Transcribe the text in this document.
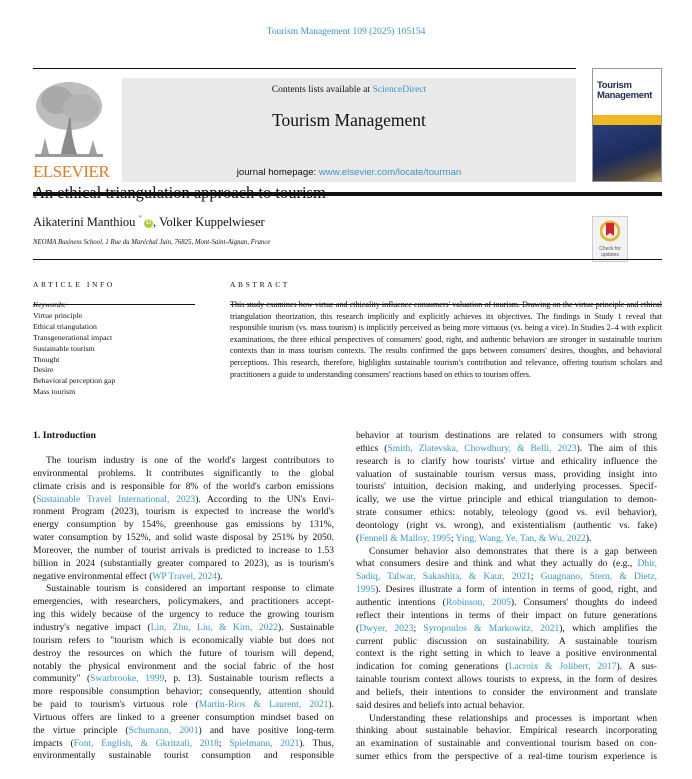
Tourism Management 109 (2025) 105154
ELSEVIER
Contents lists available at ScienceDirect
Tourism Management
journal homepage: www.elsevier.com/locate/tourman
Tourism
Management
An ethical triangulation approach to tourism
Check for
updates
Aikaterini Manthiou *iD , Volker Kuppelwieser
NEOMA Business School, 1 Rue du Maréchal Juin, 76825, Mont-Saint-Aignan, France
ARTICLE INFO	ABSTRACT
Keywords:
Virtue principle
Ethical triangulation
Transgenerational impact
Sustainable tourism
Thought
Desire
Behavioral perception gap
Mass tourism
This study examines how virtue and ethicality influence consumers' valuation of tourism. Drawing on the virtue principle and ethical triangulation theorization, this research implicitly and explicitly achieves its objectives. The findings in Study 1 reveal that responsible tourism (vs. mass tourism) is implicitly perceived as being more virtuous (vs. being a vice). In Studies 2–4 with explicit examinations, the three ethical perspectives of consumers' good, right, and authentic behaviors are stronger in sustainable tourism contexts than in mass tourism contexts. The results confirmed the gaps between consumers' desires, thoughts, and behavioral perceptions. This research, therefore, highlights sustainable tourism's contribution and relevance, offering tourism scholars and practitioners a guide to understanding consumers' reactions based on ethics to tourism offers.
1. Introduction
The tourism industry is one of the world's largest contributors to
environmental problems. It contributes significantly to the global
climate crisis and is responsible for 8% of the world's carbon emissions
(Sustainable Travel International, 2023). According to the UN's Envi-
ronment Program (2023), tourism is expected to increase the world's
energy consumption by 154%, greenhouse gas emissions by 131%,
water consumption by 152%, and solid waste disposal by 251% by 2050.
Moreover, the number of tourist arrivals is predicted to increase to 1.53
billion in 2024 (substantially greater compared to 2023), as is tourism's
negative environmental effect (WP Travel, 2024).
Sustainable tourism is considered an important response to climate
emergencies, with researchers, policymakers, and practitioners accept-
ing this widely because of the urgency to reduce the growing tourism
industry's negative impact (Lin, Zhu, Liu, & Kim, 2022). Sustainable
tourism refers to "tourism which is economically viable but does not
destroy the resources on which the future of tourism will depend,
notably the physical environment and the social fabric of the host
community" (Swarbrooke, 1999, p. 13). Sustainable tourism reflects a
more responsible consumption behavior; consequently, attention should
be paid to tourism's virtuous role (Martin-Rios & Laurent, 2021).
Virtuous offers are linked to a greener consumption mindset based on
the virtue principle (Schumann, 2001) and have positive long-term
impacts (Font, English, & Gkritzali, 2018; Spielmann, 2021). Thus,
environmentally sustainable tourist consumption and responsible
behavior at tourism destinations are related to consumers with strong
ethics (Smith, Zlatevska, Chowdhury, & Belli, 2023). The aim of this
research is to clarify how tourists' virtue and ethicality influence the
valuation of sustainable tourism versus mass, providing insight into
tourists' intuition, decision making, and underlying processes. Specif-
ically, we use the virtue principle and ethical triangulation to demon-
strate consumer ethics: notably, teleology (good vs. evil behavior),
deontology (right vs. wrong), and existentialism (authentic vs. fake)
(Fennell & Malloy, 1995; Ying, Wang, Ye, Tan, & Wu, 2022).
Consumer behavior also demonstrates that there is a gap between
what consumers desire and think and what they actually do (e.g., Dhir,
Sadiq, Talwar, Sakashita, & Kaur, 2021; Guagnano, Stern, & Dietz,
1995). Desires illustrate a form of intention in terms of good, right, and
authentic intentions (Robinson, 2005). Consumers' thoughts do indeed
reflect their intentions in terms of their impact on future generations
(Dwyer, 2023; Syropoulos & Markowitz, 2021), which amplifies the
current public discussion on sustainability. A sustainable tourism
context is the right setting in which to leave a positive environmental
indication for coming generations (Lacroix & Jolibert, 2017). A sus-
tainable tourism context allows tourists to express, in the form of desires
and beliefs, their intentions to consider the environment and translate
said desires and beliefs into actual behavior.
Understanding these relationships and processes is important when
thinking about sustainable behavior. Empirical research incorporating
an examination of sustainable and conventional tourism based on con-
sumer ethics from the perspective of a real-time tourism experience is
